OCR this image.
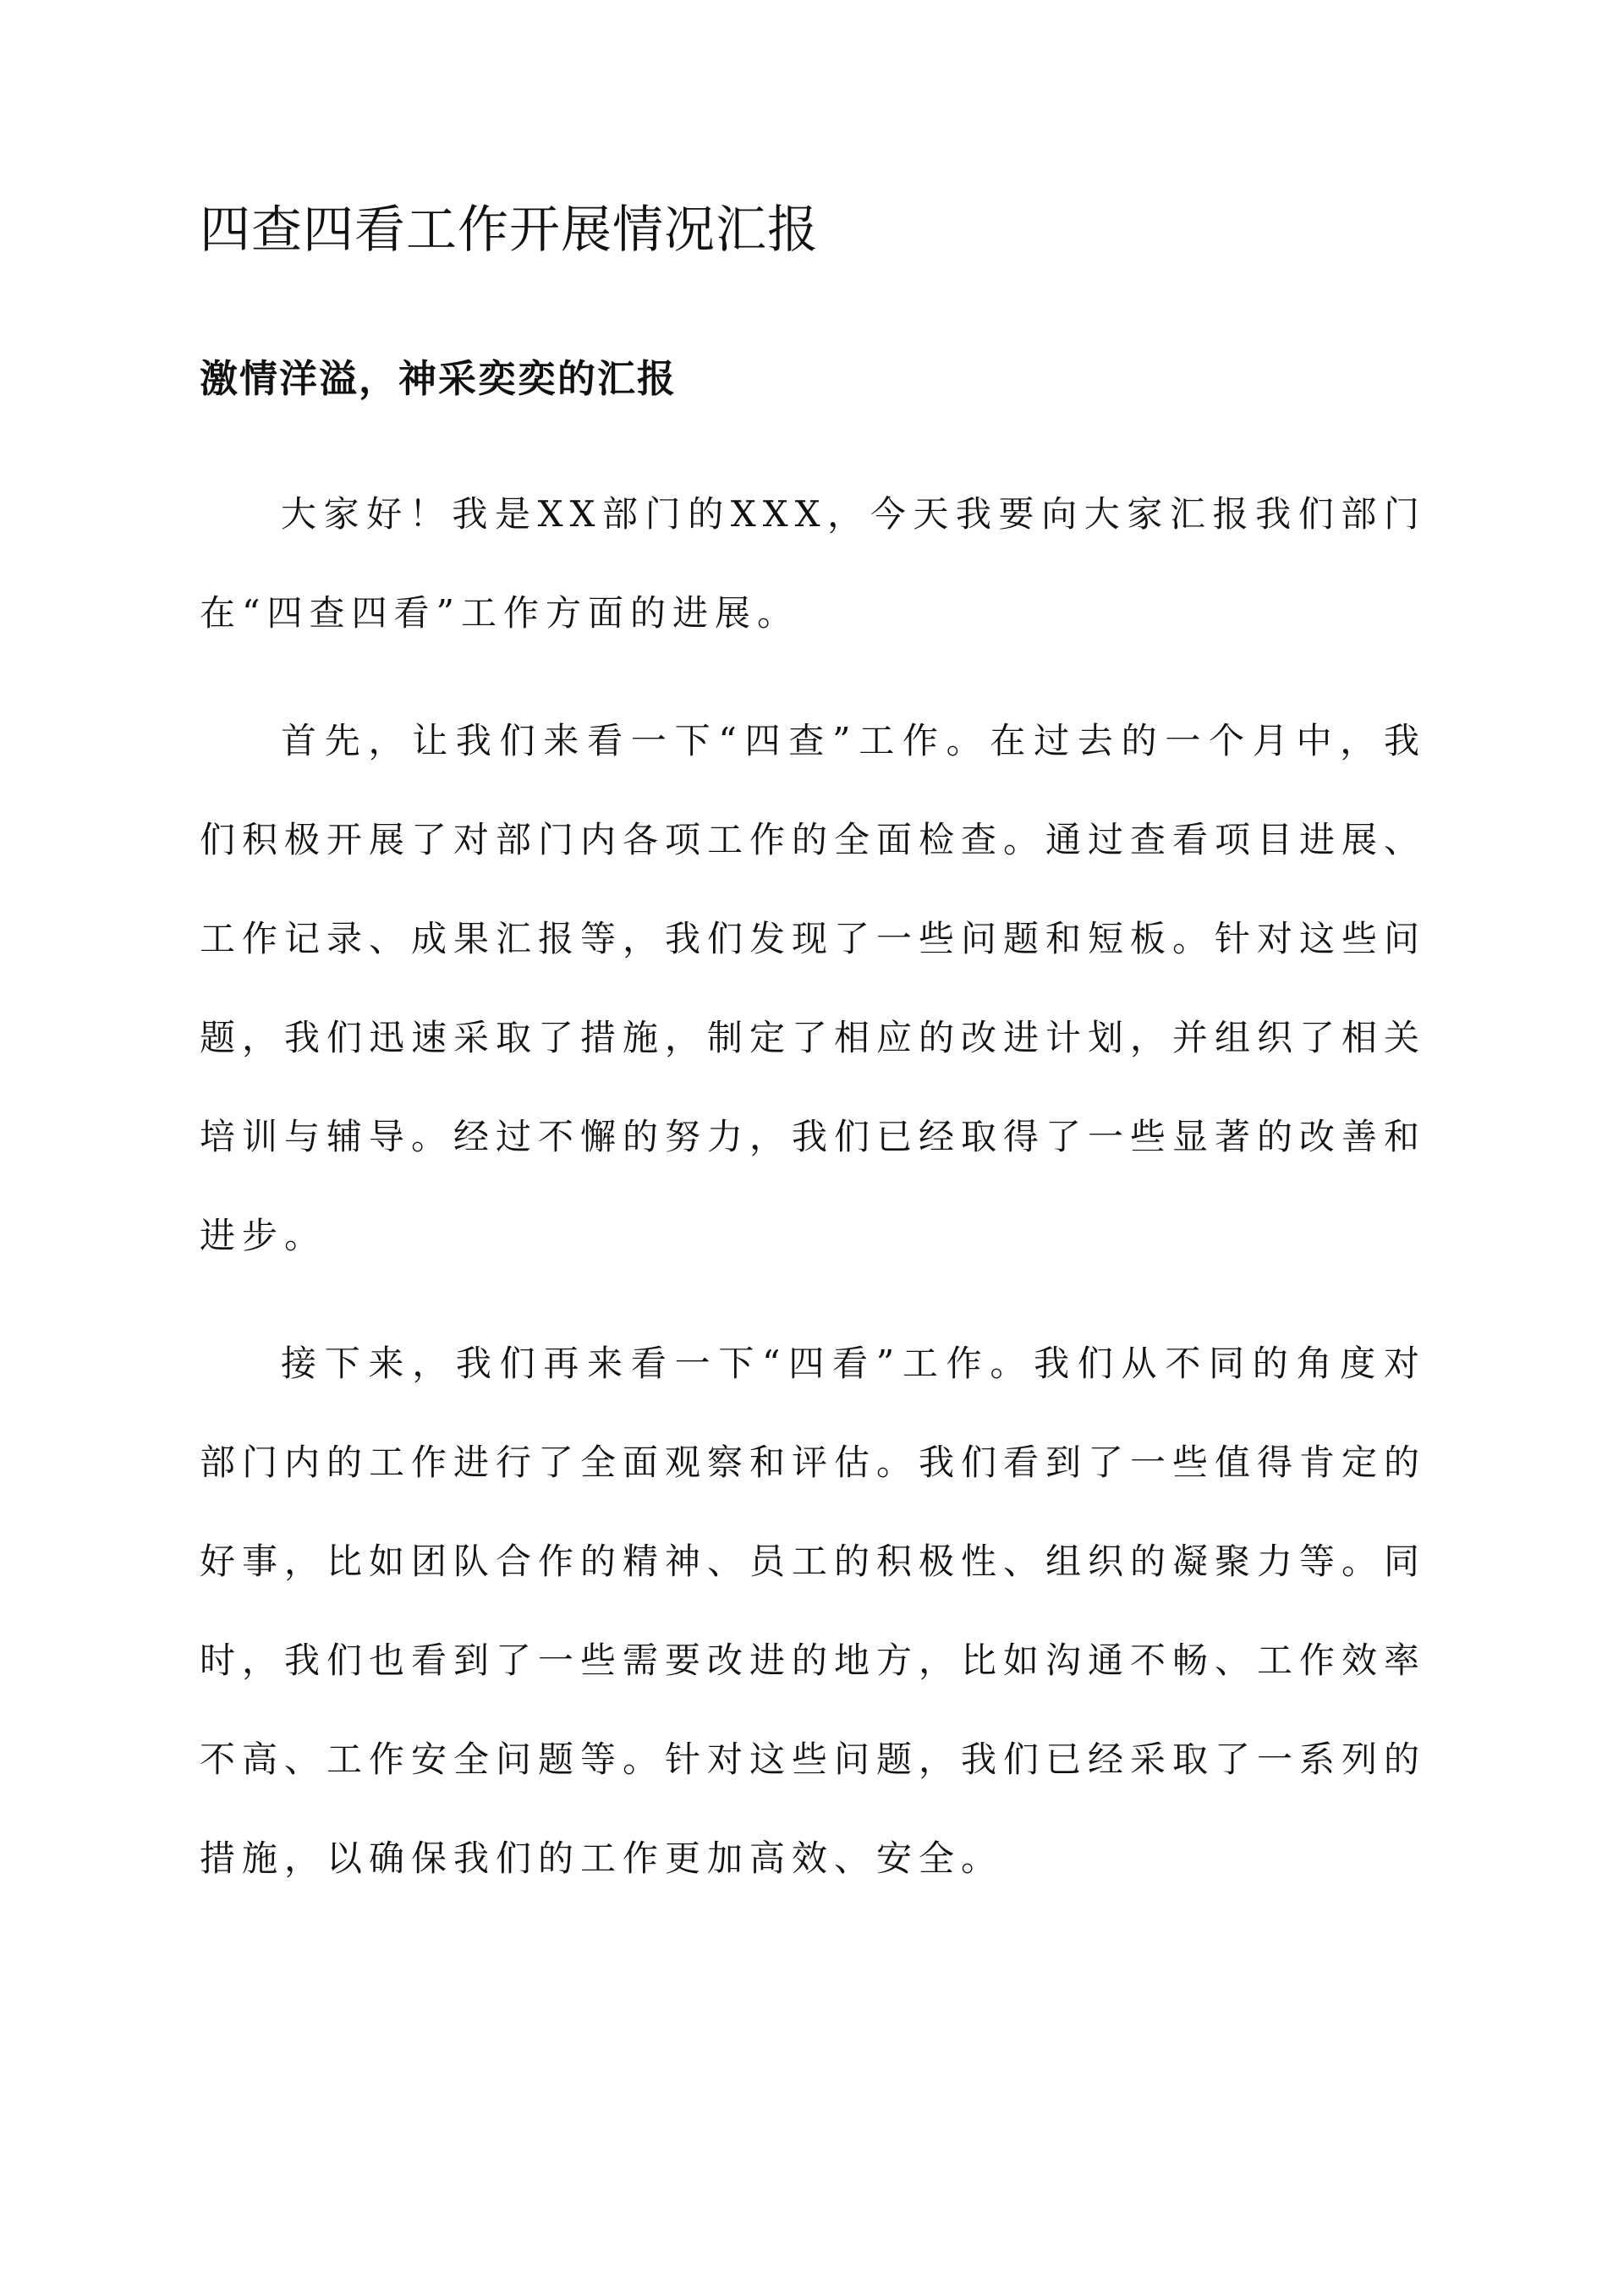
四查四看工作开展情况汇报
激情洋溢，神采奕奕的汇报

大家好！我是XX部门的XXX，今天我要向大家汇报我们部门在“四查四看”工作方面的进展。

首先，让我们来看一下“四查”工作。在过去的一个月中，我们积极开展了对部门内各项工作的全面检查。通过查看项目进展、工作记录、成果汇报等，我们发现了一些问题和短板。针对这些问题，我们迅速采取了措施，制定了相应的改进计划，并组织了相关培训与辅导。经过不懈的努力，我们已经取得了一些显著的改善和进步。

接下来，我们再来看一下“四看”工作。我们从不同的角度对部门内的工作进行了全面观察和评估。我们看到了一些值得肯定的好事，比如团队合作的精神、员工的积极性、组织的凝聚力等。同时，我们也看到了一些需要改进的地方，比如沟通不畅、工作效率不高、工作安全问题等。针对这些问题，我们已经采取了一系列的措施，以确保我们的工作更加高效、安全。
